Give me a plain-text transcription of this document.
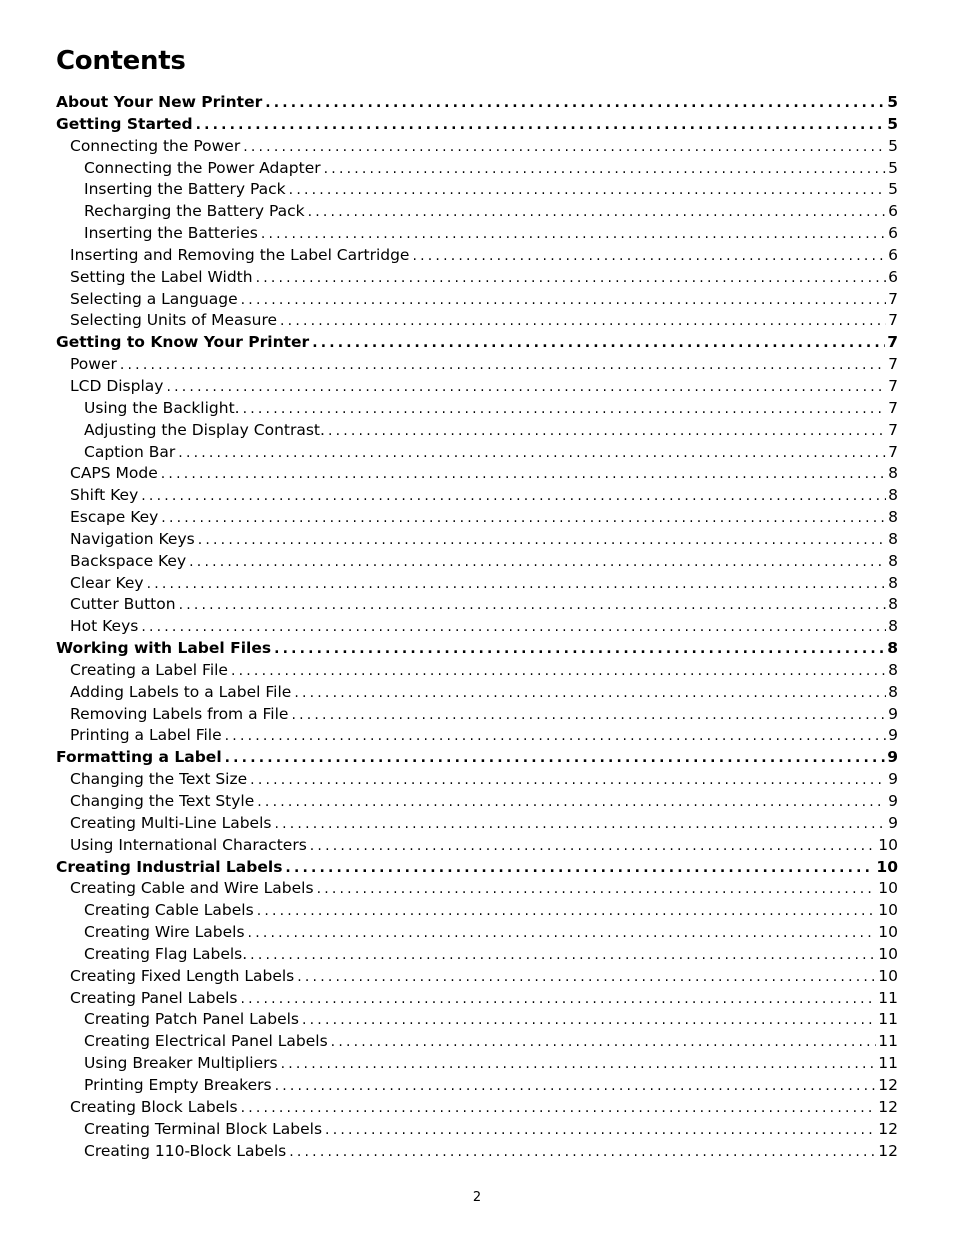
Contents
About Your New Printer .....	5
Getting Started .....	5
Connecting the Power .....	5
Connecting the Power Adapter .....	5
Inserting the Battery Pack .....	5
Recharging the Battery Pack .....	6
Inserting the Batteries .....	6
Inserting and Removing the Label Cartridge .....	6
Setting the Label Width .....	6
Selecting a Language .....	7
Selecting Units of Measure .....	7
Getting to Know Your Printer .....	7
Power .....	7
LCD Display .....	7
Using the Backlight. .....	7
Adjusting the Display Contrast. .....	7
Caption Bar .....	7
CAPS Mode .....	8
Shift Key .....	8
Escape Key .....	8
Navigation Keys .....	8
Backspace Key .....	8
Clear Key .....	8
Cutter Button .....	8
Hot Keys .....	8
Working with Label Files .....	8
Creating a Label File .....	8
Adding Labels to a Label File .....	8
Removing Labels from a File .....	9
Printing a Label File .....	9
Formatting a Label .....	9
Changing the Text Size .....	9
Changing the Text Style .....	9
Creating Multi-Line Labels .....	9
Using International Characters .....	10
Creating Industrial Labels .....	10
Creating Cable and Wire Labels .....	10
Creating Cable Labels .....	10
Creating Wire Labels .....	10
Creating Flag Labels. .....	10
Creating Fixed Length Labels .....	10
Creating Panel Labels .....	11
Creating Patch Panel Labels .....	11
Creating Electrical Panel Labels .....	11
Using Breaker Multipliers .....	11
Printing Empty Breakers .....	12
Creating Block Labels .....	12
Creating Terminal Block Labels .....	12
Creating 110-Block Labels .....	12
2
